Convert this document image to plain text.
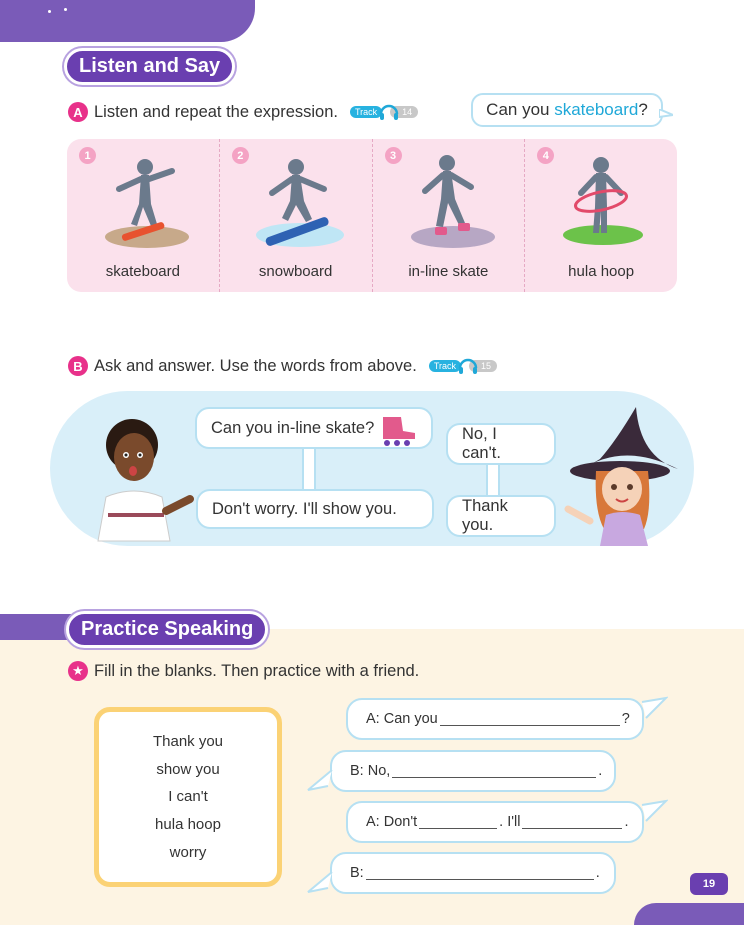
Listen and Say
A Listen and repeat the expression.	Track	14	Can you skateboard ?
1
skateboard
2
snowboard
3
in-line skate
4
hula hoop
B Ask and answer. Use the words from above.	Track	15
Can you in-line skate?
Don't worry. I'll show you.
No, I can't.
Thank you.
Practice Speaking
★ Fill in the blanks. Then practice with a friend.
Thank you
show you
I can't
hula hoop
worry
A: Can you	?
B: No,	.
A: Don't	. I'll	.
B:	.
19
